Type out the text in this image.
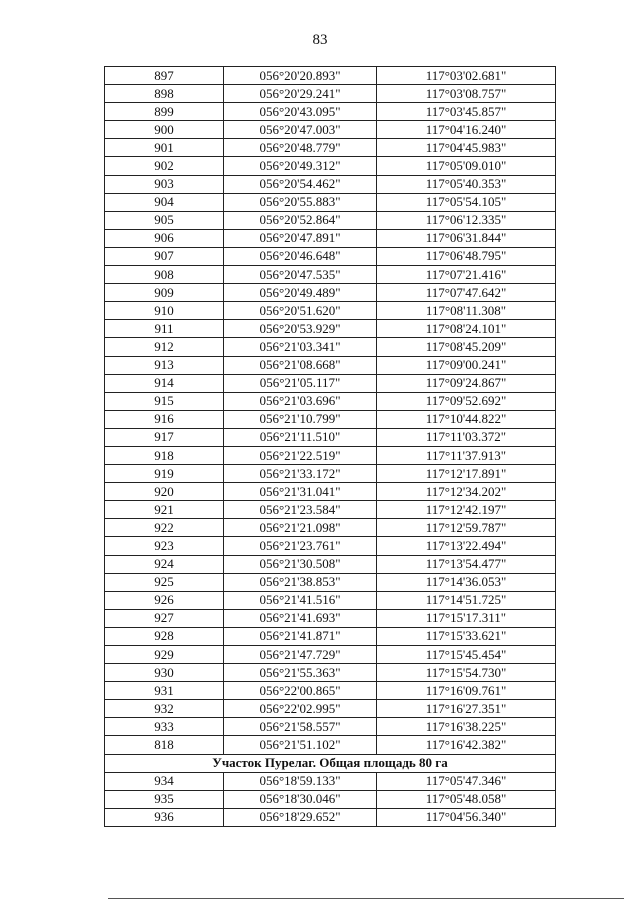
83
897	056°20'20.893"	117°03'02.681"
898	056°20'29.241"	117°03'08.757"
899	056°20'43.095"	117°03'45.857"
900	056°20'47.003"	117°04'16.240"
901	056°20'48.779"	117°04'45.983"
902	056°20'49.312"	117°05'09.010"
903	056°20'54.462"	117°05'40.353"
904	056°20'55.883"	117°05'54.105"
905	056°20'52.864"	117°06'12.335"
906	056°20'47.891"	117°06'31.844"
907	056°20'46.648"	117°06'48.795"
908	056°20'47.535"	117°07'21.416"
909	056°20'49.489"	117°07'47.642"
910	056°20'51.620"	117°08'11.308"
911	056°20'53.929"	117°08'24.101"
912	056°21'03.341"	117°08'45.209"
913	056°21'08.668"	117°09'00.241"
914	056°21'05.117"	117°09'24.867"
915	056°21'03.696"	117°09'52.692"
916	056°21'10.799"	117°10'44.822"
917	056°21'11.510"	117°11'03.372"
918	056°21'22.519"	117°11'37.913"
919	056°21'33.172"	117°12'17.891"
920	056°21'31.041"	117°12'34.202"
921	056°21'23.584"	117°12'42.197"
922	056°21'21.098"	117°12'59.787"
923	056°21'23.761"	117°13'22.494"
924	056°21'30.508"	117°13'54.477"
925	056°21'38.853"	117°14'36.053"
926	056°21'41.516"	117°14'51.725"
927	056°21'41.693"	117°15'17.311"
928	056°21'41.871"	117°15'33.621"
929	056°21'47.729"	117°15'45.454"
930	056°21'55.363"	117°15'54.730"
931	056°22'00.865"	117°16'09.761"
932	056°22'02.995"	117°16'27.351"
933	056°21'58.557"	117°16'38.225"
818	056°21'51.102"	117°16'42.382"
Участок Пурелаг. Общая площадь 80 га		
934	056°18'59.133"	117°05'47.346"
935	056°18'30.046"	117°05'48.058"
936	056°18'29.652"	117°04'56.340"
